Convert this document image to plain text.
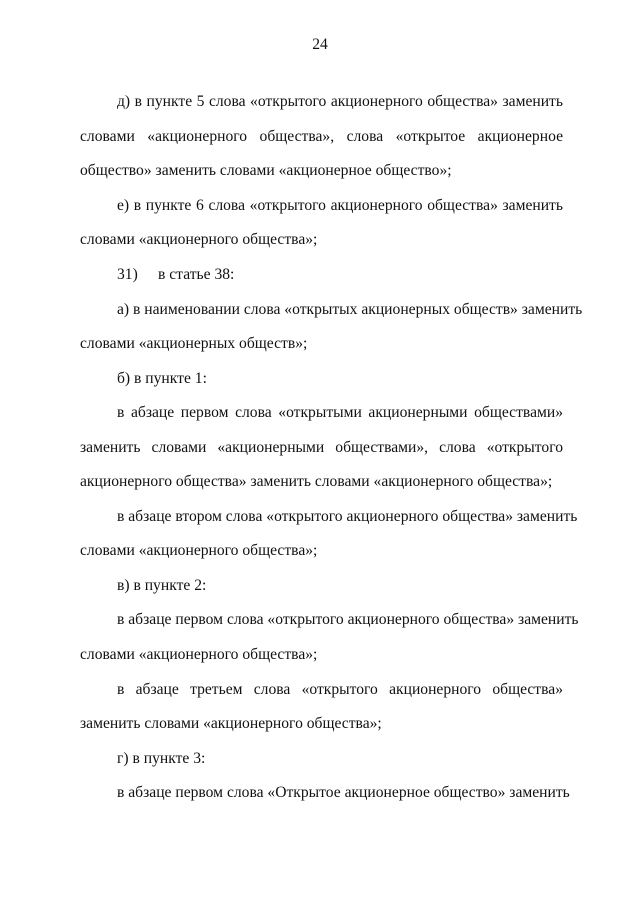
24
д) в пункте 5 слова «открытого акционерного общества» заменить
словами «акционерного общества», слова «открытое акционерное
общество» заменить словами «акционерное общество»;
е) в пункте 6 слова «открытого акционерного общества» заменить
словами «акционерного общества»;
31) в статье 38:
а) в наименовании слова «открытых акционерных обществ» заменить
словами «акционерных обществ»;
б) в пункте 1:
в абзаце первом слова «открытыми акционерными обществами»
заменить словами «акционерными обществами», слова «открытого
акционерного общества» заменить словами «акционерного общества»;
в абзаце втором слова «открытого акционерного общества» заменить
словами «акционерного общества»;
в) в пункте 2:
в абзаце первом слова «открытого акционерного общества» заменить
словами «акционерного общества»;
в абзаце третьем слова «открытого акционерного общества»
заменить словами «акционерного общества»;
г) в пункте 3:
в абзаце первом слова «Открытое акционерное общество» заменить
